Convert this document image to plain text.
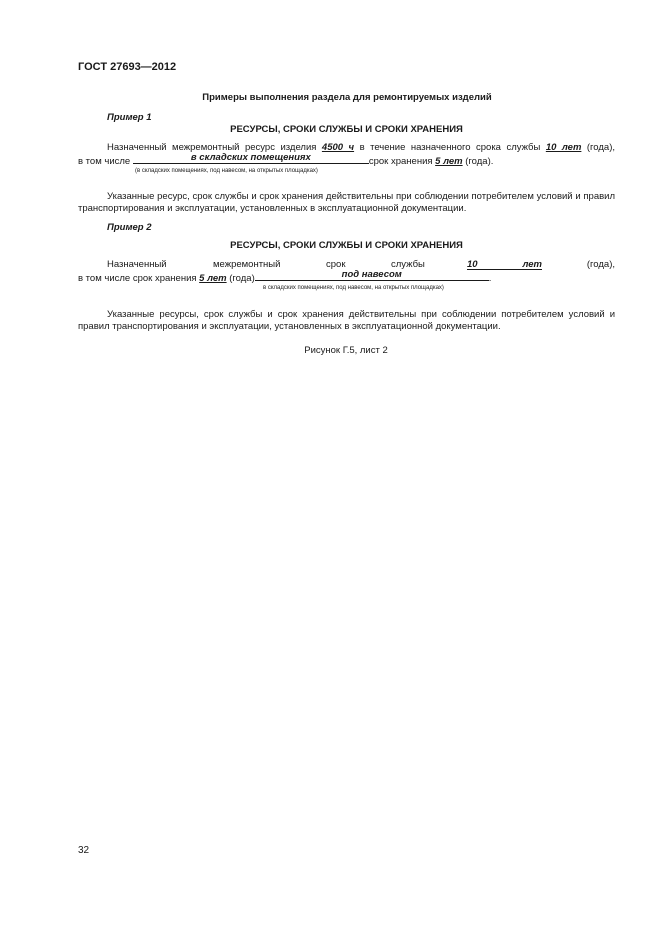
ГОСТ 27693—2012
Примеры выполнения раздела для ремонтируемых изделий
Пример 1
РЕСУРСЫ, СРОКИ СЛУЖБЫ И СРОКИ ХРАНЕНИЯ
Назначенный межремонтный ресурс изделия 4500 ч в течение назначенного срока службы 10 лет (года),
в том числе	в складских помещениях	срок хранения 5 лет (года).
(в складских помещениях, под навесом, на открытых площадках)
Указанные ресурс, срок службы и срок хранения действительны при соблюдении потребителем условий и правил транспортирования и эксплуатации, установленных в эксплуатационной документации.
Пример 2
РЕСУРСЫ, СРОКИ СЛУЖБЫ И СРОКИ ХРАНЕНИЯ
Назначенный	межремонтный	срок	службы	10	лет	(года),
в том числе срок хранения 5 лет (года)	под навесом	.
в складских помещениях, под навесом, на открытых площадках)
Указанные ресурсы, срок службы и срок хранения действительны при соблюдении потребителем условий и правил транспортирования и эксплуатации, установленных в эксплуатационной документации.
Рисунок Г.5, лист 2
32
